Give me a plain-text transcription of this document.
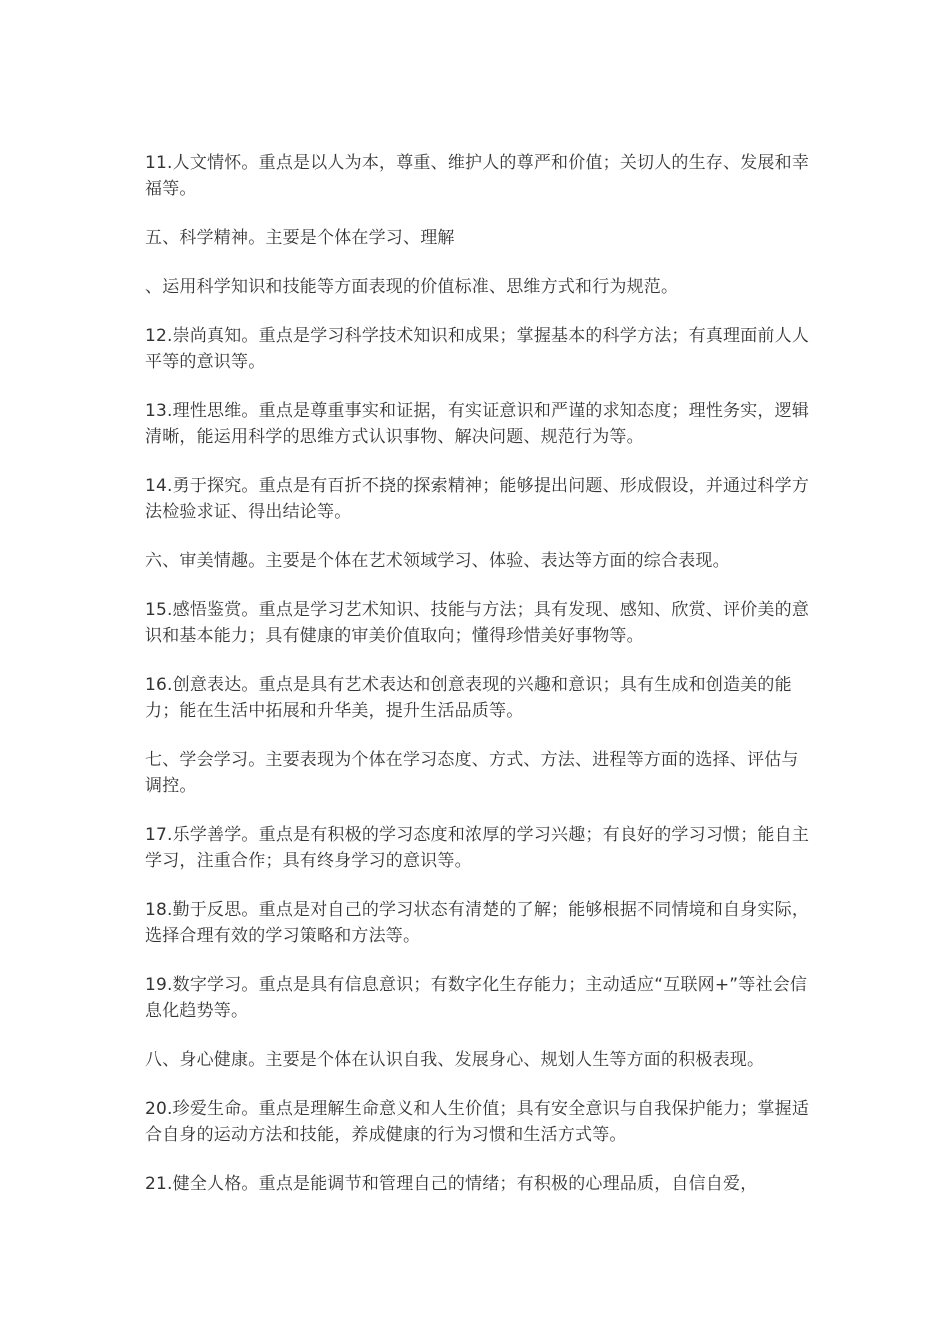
11.人文情怀。重点是以人为本，尊重、维护人的尊严和价值；关切人的生存、发展和幸福等。

五、科学精神。主要是个体在学习、理解

、运用科学知识和技能等方面表现的价值标准、思维方式和行为规范。

12.崇尚真知。重点是学习科学技术知识和成果；掌握基本的科学方法；有真理面前人人平等的意识等。

13.理性思维。重点是尊重事实和证据，有实证意识和严谨的求知态度；理性务实，逻辑清晰，能运用科学的思维方式认识事物、解决问题、规范行为等。

14.勇于探究。重点是有百折不挠的探索精神；能够提出问题、形成假设，并通过科学方法检验求证、得出结论等。

六、审美情趣。主要是个体在艺术领域学习、体验、表达等方面的综合表现。

15.感悟鉴赏。重点是学习艺术知识、技能与方法；具有发现、感知、欣赏、评价美的意识和基本能力；具有健康的审美价值取向；懂得珍惜美好事物等。

16.创意表达。重点是具有艺术表达和创意表现的兴趣和意识；具有生成和创造美的能力；能在生活中拓展和升华美，提升生活品质等。

七、学会学习。主要表现为个体在学习态度、方式、方法、进程等方面的选择、评估与调控。

17.乐学善学。重点是有积极的学习态度和浓厚的学习兴趣；有良好的学习习惯；能自主学习，注重合作；具有终身学习的意识等。

18.勤于反思。重点是对自己的学习状态有清楚的了解；能够根据不同情境和自身实际，选择合理有效的学习策略和方法等。

19.数字学习。重点是具有信息意识；有数字化生存能力；主动适应“互联网+”等社会信息化趋势等。

八、身心健康。主要是个体在认识自我、发展身心、规划人生等方面的积极表现。

20.珍爱生命。重点是理解生命意义和人生价值；具有安全意识与自我保护能力；掌握适合自身的运动方法和技能，养成健康的行为习惯和生活方式等。

21.健全人格。重点是能调节和管理自己的情绪；有积极的心理品质，自信自爱，
